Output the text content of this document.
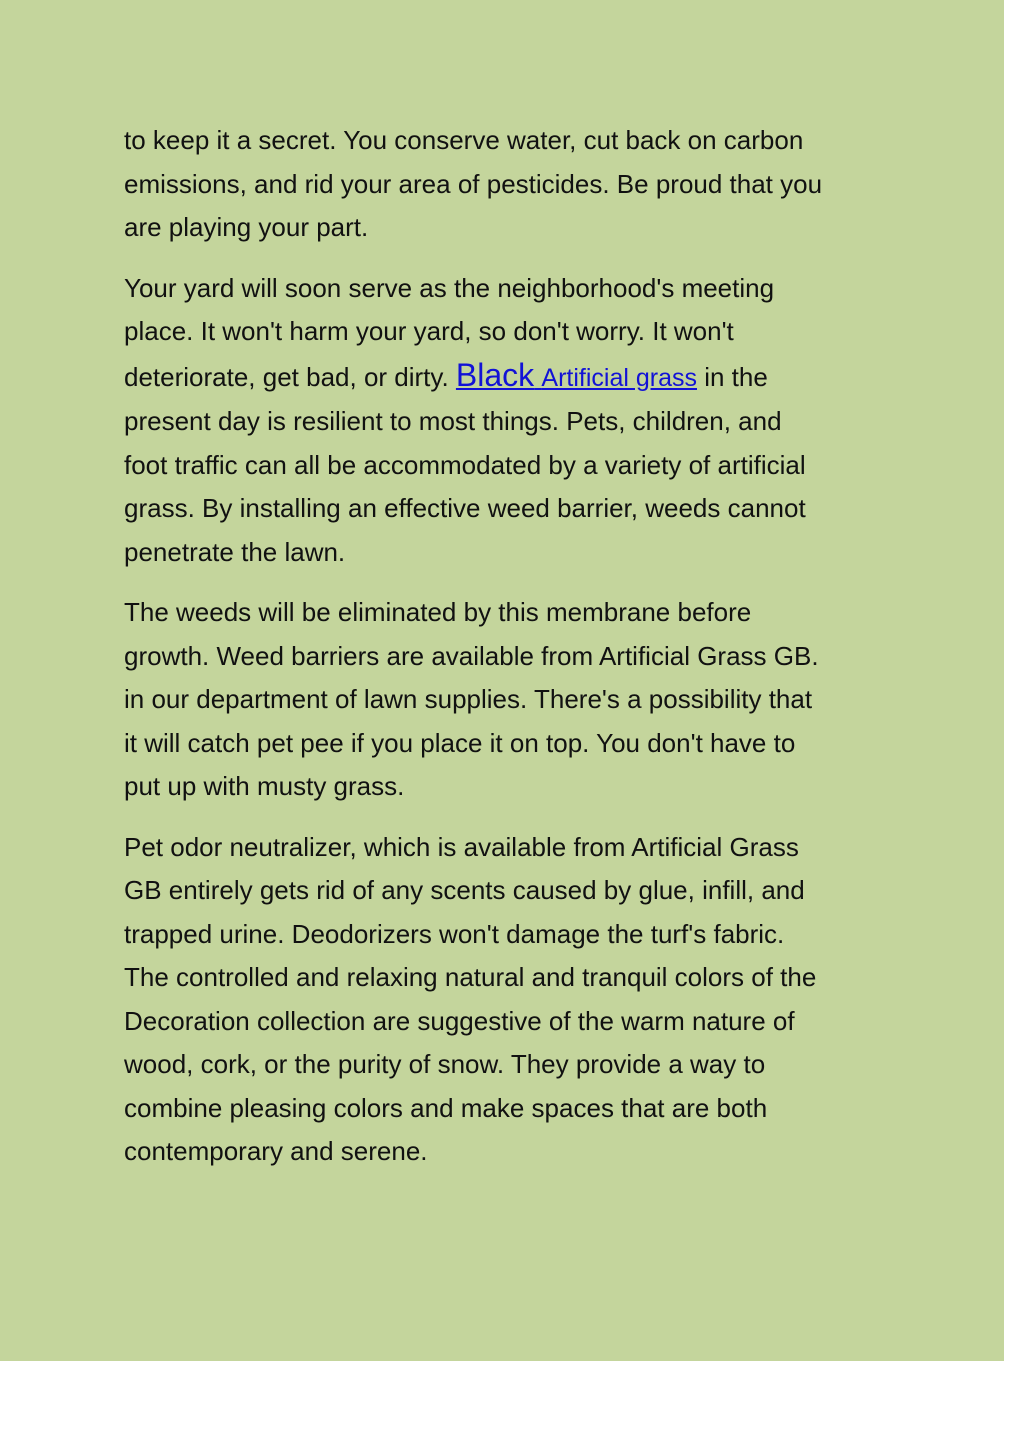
to keep it a secret. You conserve water, cut back on carbon
emissions, and rid your area of pesticides. Be proud that you
are playing your part.

Your yard will soon serve as the neighborhood's meeting
place. It won't harm your yard, so don't worry. It won't
deteriorate, get bad, or dirty. Black Artificial grass in the
present day is resilient to most things. Pets, children, and
foot traffic can all be accommodated by a variety of artificial
grass. By installing an effective weed barrier, weeds cannot
penetrate the lawn.

The weeds will be eliminated by this membrane before
growth. Weed barriers are available from Artificial Grass GB.
in our department of lawn supplies. There's a possibility that
it will catch pet pee if you place it on top. You don't have to
put up with musty grass.

Pet odor neutralizer, which is available from Artificial Grass
GB entirely gets rid of any scents caused by glue, infill, and
trapped urine. Deodorizers won't damage the turf's fabric.
The controlled and relaxing natural and tranquil colors of the
Decoration collection are suggestive of the warm nature of
wood, cork, or the purity of snow. They provide a way to
combine pleasing colors and make spaces that are both
contemporary and serene.
